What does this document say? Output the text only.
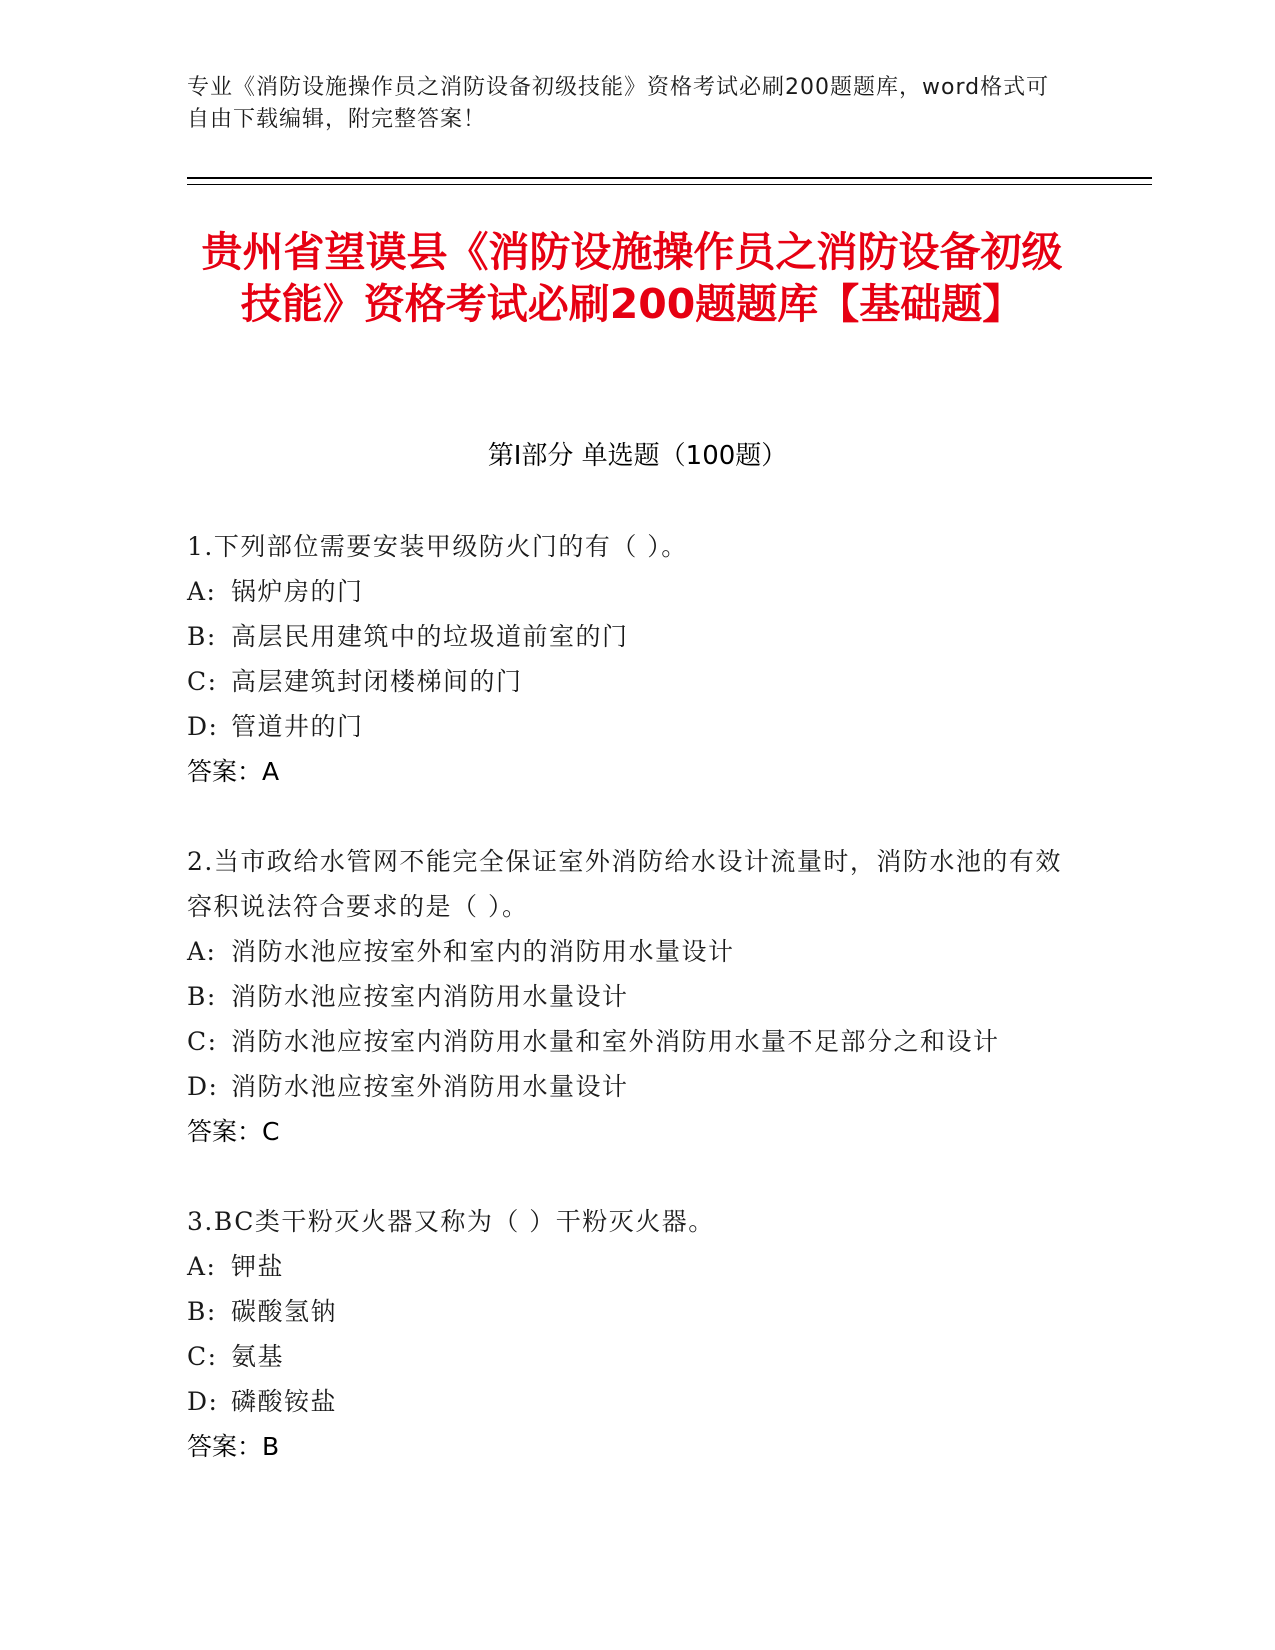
专业《消防设施操作员之消防设备初级技能》资格考试必刷200题题库，word格式可自由下载编辑，附完整答案！
贵州省望谟县《消防设施操作员之消防设备初级技能》资格考试必刷200题题库【基础题】
第I部分 单选题（100题）
1.下列部位需要安装甲级防火门的有（ ）。
A: 锅炉房的门
B: 高层民用建筑中的垃圾道前室的门
C: 高层建筑封闭楼梯间的门
D: 管道井的门
答案：A
2.当市政给水管网不能完全保证室外消防给水设计流量时，消防水池的有效容积说法符合要求的是（ ）。
A: 消防水池应按室外和室内的消防用水量设计
B: 消防水池应按室内消防用水量设计
C: 消防水池应按室内消防用水量和室外消防用水量不足部分之和设计
D: 消防水池应按室外消防用水量设计
答案：C
3.BC类干粉灭火器又称为（ ）干粉灭火器。
A: 钾盐
B: 碳酸氢钠
C: 氨基
D: 磷酸铵盐
答案：B
